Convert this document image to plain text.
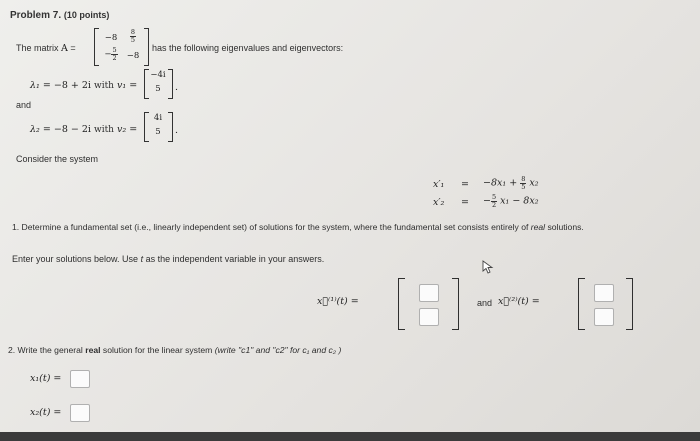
Problem 7. (10 points)
The matrix A =
−8	$\frac{8}{5}$
− $\frac{5}{2}$	−8
has the following eigenvalues and eigenvectors:
λ₁ = −8 + 2i with v₁ =
−4i
5	.
and
λ₂ = −8 − 2i with v₂ =
4i
5	.
Consider the system
$x'_1 = -8x_1 + \frac{8}{5} x_2$
x′₂ = − $\frac{5}{2} x_1 - 8x_2$
1. Determine a fundamental set (i.e., linearly independent set) of solutions for the system, where the fundamental set consists entirely of real solutions.
Enter your solutions below. Use t as the independent variable in your answers.
x⃗⁽¹⁾(t) =	and x⃗⁽²⁾(t) =
2. Write the general real solution for the linear system (write "c1" and "c2" for c₁ and c₂ )
x₁(t) =
x₂(t) =
